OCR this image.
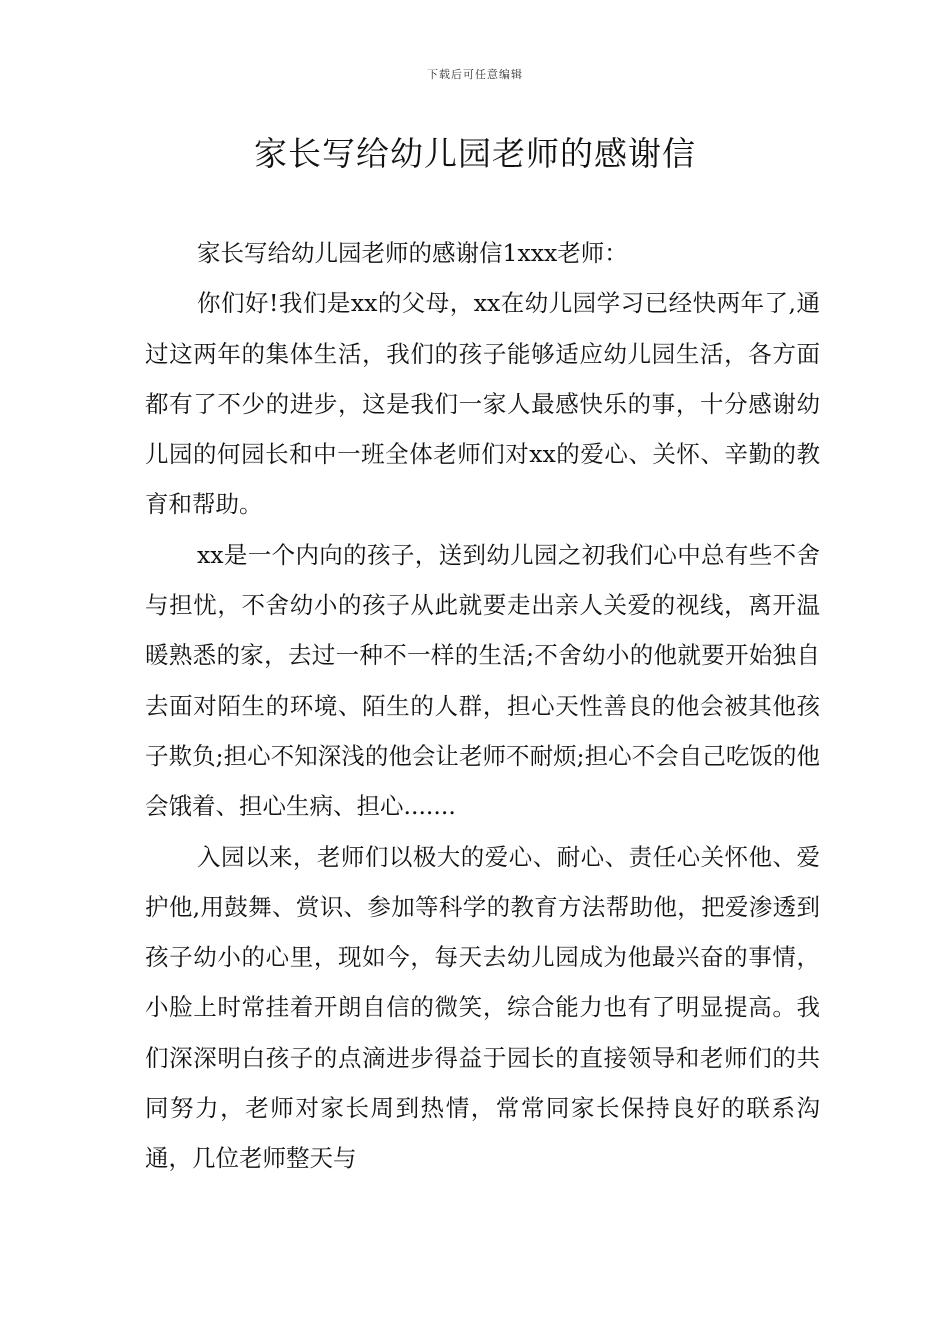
下载后可任意编辑
家长写给幼儿园老师的感谢信

家长写给幼儿园老师的感谢信1xxx老师：

你们好!我们是xx的父母，xx在幼儿园学习已经快两年了,通过这两年的集体生活，我们的孩子能够适应幼儿园生活，各方面都有了不少的进步，这是我们一家人最感快乐的事，十分感谢幼儿园的何园长和中一班全体老师们对xx的爱心、关怀、辛勤的教育和帮助。

xx是一个内向的孩子，送到幼儿园之初我们心中总有些不舍与担忧，不舍幼小的孩子从此就要走出亲人关爱的视线，离开温暖熟悉的家，去过一种不一样的生活;不舍幼小的他就要开始独自去面对陌生的环境、陌生的人群，担心天性善良的他会被其他孩子欺负;担心不知深浅的他会让老师不耐烦;担心不会自己吃饭的他会饿着、担心生病、担心.......

入园以来，老师们以极大的爱心、耐心、责任心关怀他、爱护他,用鼓舞、赏识、参加等科学的教育方法帮助他，把爱渗透到孩子幼小的心里，现如今，每天去幼儿园成为他最兴奋的事情，小脸上时常挂着开朗自信的微笑，综合能力也有了明显提高。我们深深明白孩子的点滴进步得益于园长的直接领导和老师们的共同努力，老师对家长周到热情，常常同家长保持良好的联系沟通，几位老师整天与
